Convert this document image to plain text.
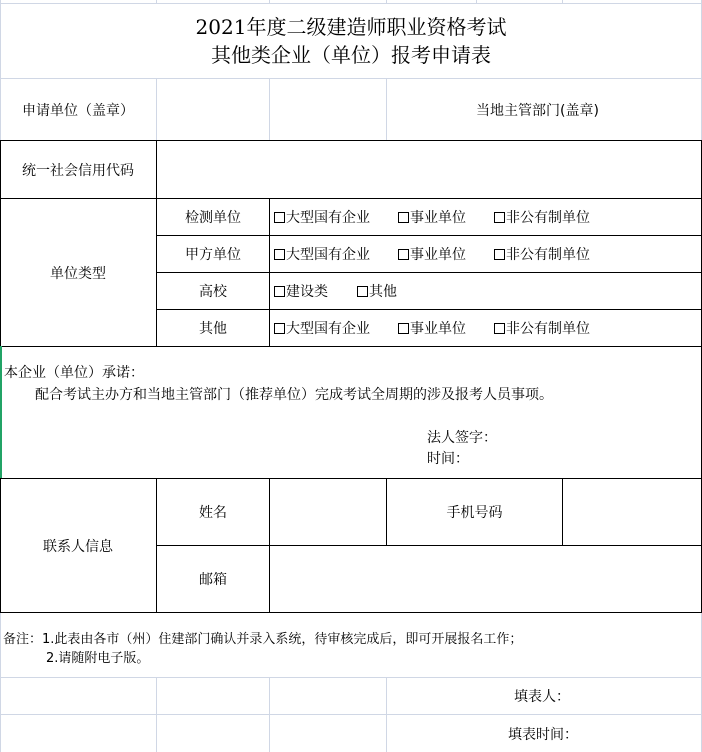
2021年度二级建造师职业资格考试
其他类企业（单位）报考申请表
申请单位（盖章）	当地主管部门(盖章)
统一社会信用代码
单位类型
检测单位	大型国有企业	事业单位	非公有制单位
甲方单位	大型国有企业	事业单位	非公有制单位
高校	建设类	其他
其他	大型国有企业	事业单位	非公有制单位
本企业（单位）承诺：
配合考试主办方和当地主管部门（推荐单位）完成考试全周期的涉及报考人员事项。
法人签字：
时间：
联系人信息
姓名	手机号码
邮箱
备注：1.此表由各市（州）住建部门确认并录入系统，待审核完成后，即可开展报名工作；
2.请随附电子版。
填表人：
填表时间：
